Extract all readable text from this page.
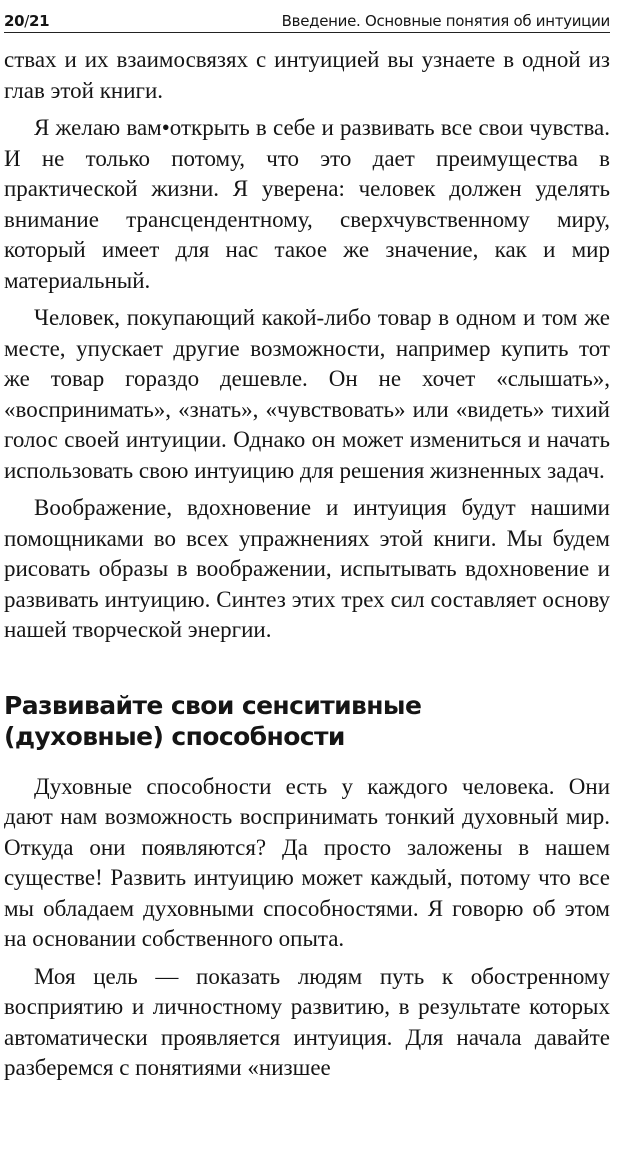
20/21	Введение. Основные понятия об интуиции

ствах и их взаимосвязях с интуицией вы узнаете в одной из глав этой книги.

Я желаю вам•открыть в себе и развивать все свои чувства. И не только потому, что это дает преимущества в практической жизни. Я уверена: человек должен уделять внимание трансцендентному, сверхчувственному миру, который имеет для нас такое же значение, как и мир материальный.

Человек, покупающий какой-либо товар в одном и том же месте, упускает другие возможности, например купить тот же товар гораздо дешевле. Он не хочет «слышать», «воспринимать», «знать», «чувствовать» или «видеть» тихий голос своей интуиции. Однако он может измениться и начать использовать свою интуицию для решения жизненных задач.

Воображение, вдохновение и интуиция будут нашими помощниками во всех упражнениях этой книги. Мы будем рисовать образы в воображении, испытывать вдохновение и развивать интуицию. Синтез этих трех сил составляет основу нашей творческой энергии.

Развивайте свои сенситивные
(духовные) способности

Духовные способности есть у каждого человека. Они дают нам возможность воспринимать тонкий духовный мир. Откуда они появляются? Да просто заложены в нашем существе! Развить интуицию может каждый, потому что все мы обладаем духовными способностями. Я говорю об этом на основании собственного опыта.

Моя цель — показать людям путь к обостренному восприятию и личностному развитию, в результате которых автоматически проявляется интуиция. Для начала давайте разберемся с понятиями «низшее
